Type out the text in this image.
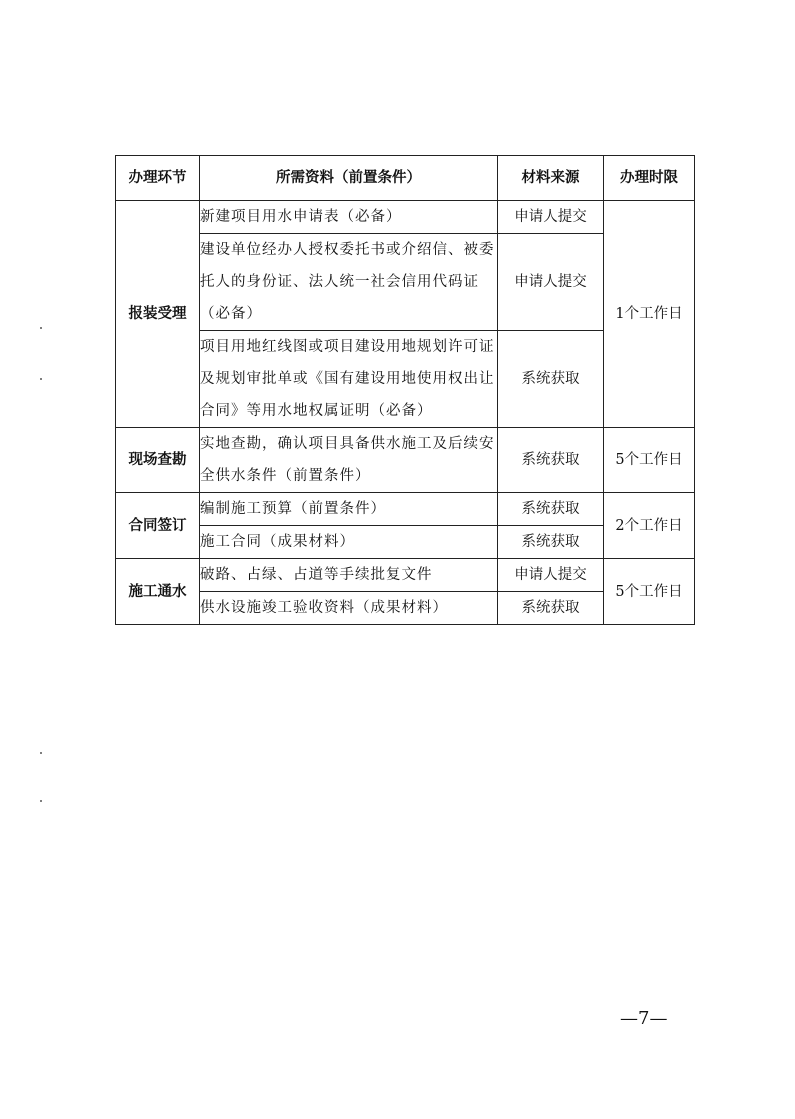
办理环节	所需资料（前置条件）	材料来源	办理时限
报装受理	新建项目用水申请表（必备）	申请人提交	1个工作日
	建设单位经办人授权委托书或介绍信、被委托人的身份证、法人统一社会信用代码证（必备）	申请人提交	
	项目用地红线图或项目建设用地规划许可证及规划审批单或《国有建设用地使用权出让合同》等用水地权属证明（必备）	系统获取	
现场查勘	实地查勘，确认项目具备供水施工及后续安全供水条件（前置条件）	系统获取	5个工作日
合同签订	编制施工预算（前置条件）	系统获取	2个工作日
	施工合同（成果材料）	系统获取	
施工通水	破路、占绿、占道等手续批复文件	申请人提交	5个工作日
	供水设施竣工验收资料（成果材料）	系统获取	
—7—
